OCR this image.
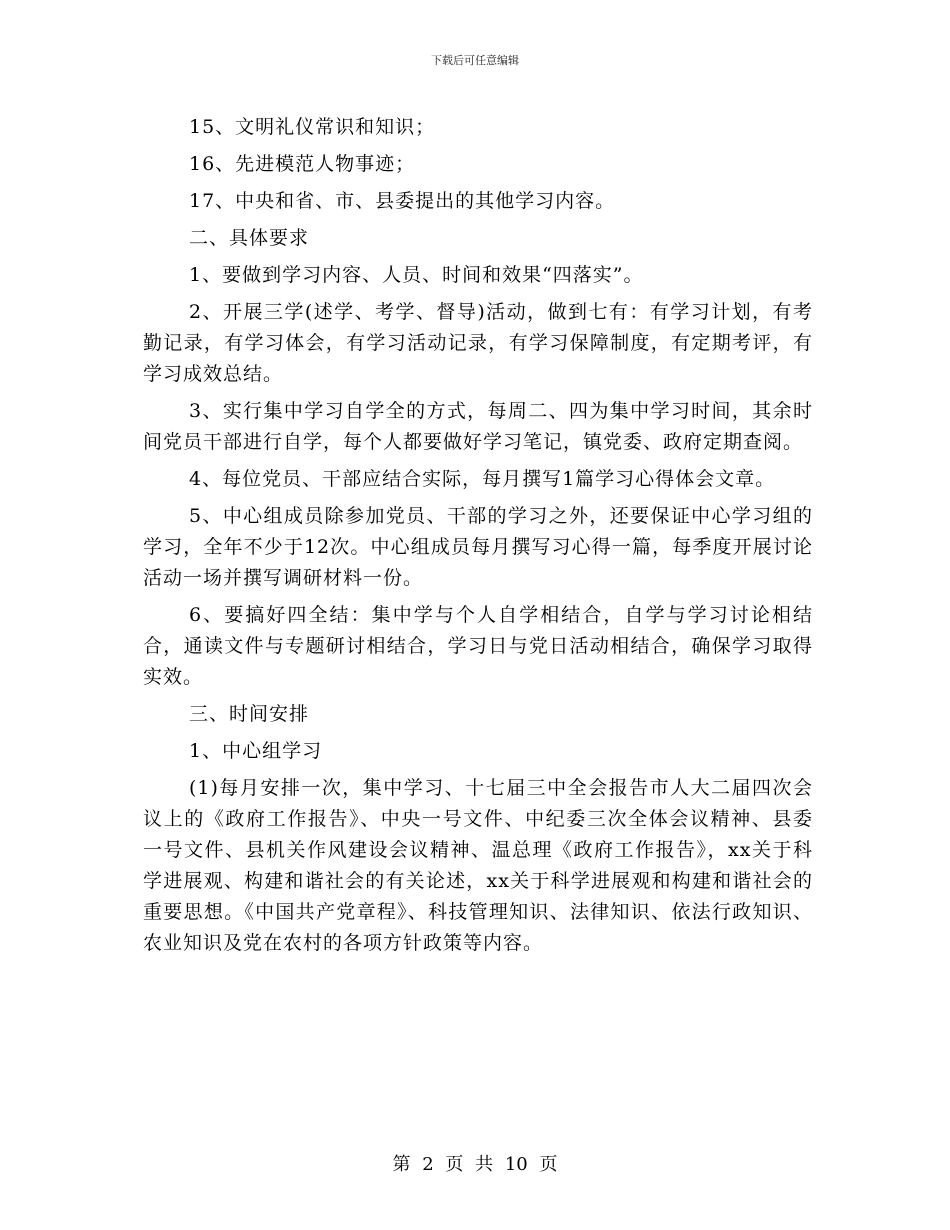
下载后可任意编辑

15、文明礼仪常识和知识；

16、先进模范人物事迹；

17、中央和省、市、县委提出的其他学习内容。

二、具体要求

1、要做到学习内容、人员、时间和效果“四落实”。

2、开展三学(述学、考学、督导)活动，做到七有：有学习计划，有考勤记录，有学习体会，有学习活动记录，有学习保障制度，有定期考评，有学习成效总结。

3、实行集中学习自学全的方式，每周二、四为集中学习时间，其余时间党员干部进行自学，每个人都要做好学习笔记，镇党委、政府定期查阅。

4、每位党员、干部应结合实际，每月撰写1篇学习心得体会文章。

5、中心组成员除参加党员、干部的学习之外，还要保证中心学习组的学习，全年不少于12次。中心组成员每月撰写习心得一篇，每季度开展讨论活动一场并撰写调研材料一份。

6、要搞好四全结：集中学与个人自学相结合，自学与学习讨论相结合，通读文件与专题研讨相结合，学习日与党日活动相结合，确保学习取得实效。

三、时间安排

1、中心组学习

(1)每月安排一次，集中学习、十七届三中全会报告市人大二届四次会议上的《政府工作报告》、中央一号文件、中纪委三次全体会议精神、县委一号文件、县机关作风建设会议精神、温总理《政府工作报告》，xx关于科学进展观、构建和谐社会的有关论述，xx关于科学进展观和构建和谐社会的重要思想。《中国共产党章程》、科技管理知识、法律知识、依法行政知识、农业知识及党在农村的各项方针政策等内容。

第 2 页 共 10 页
